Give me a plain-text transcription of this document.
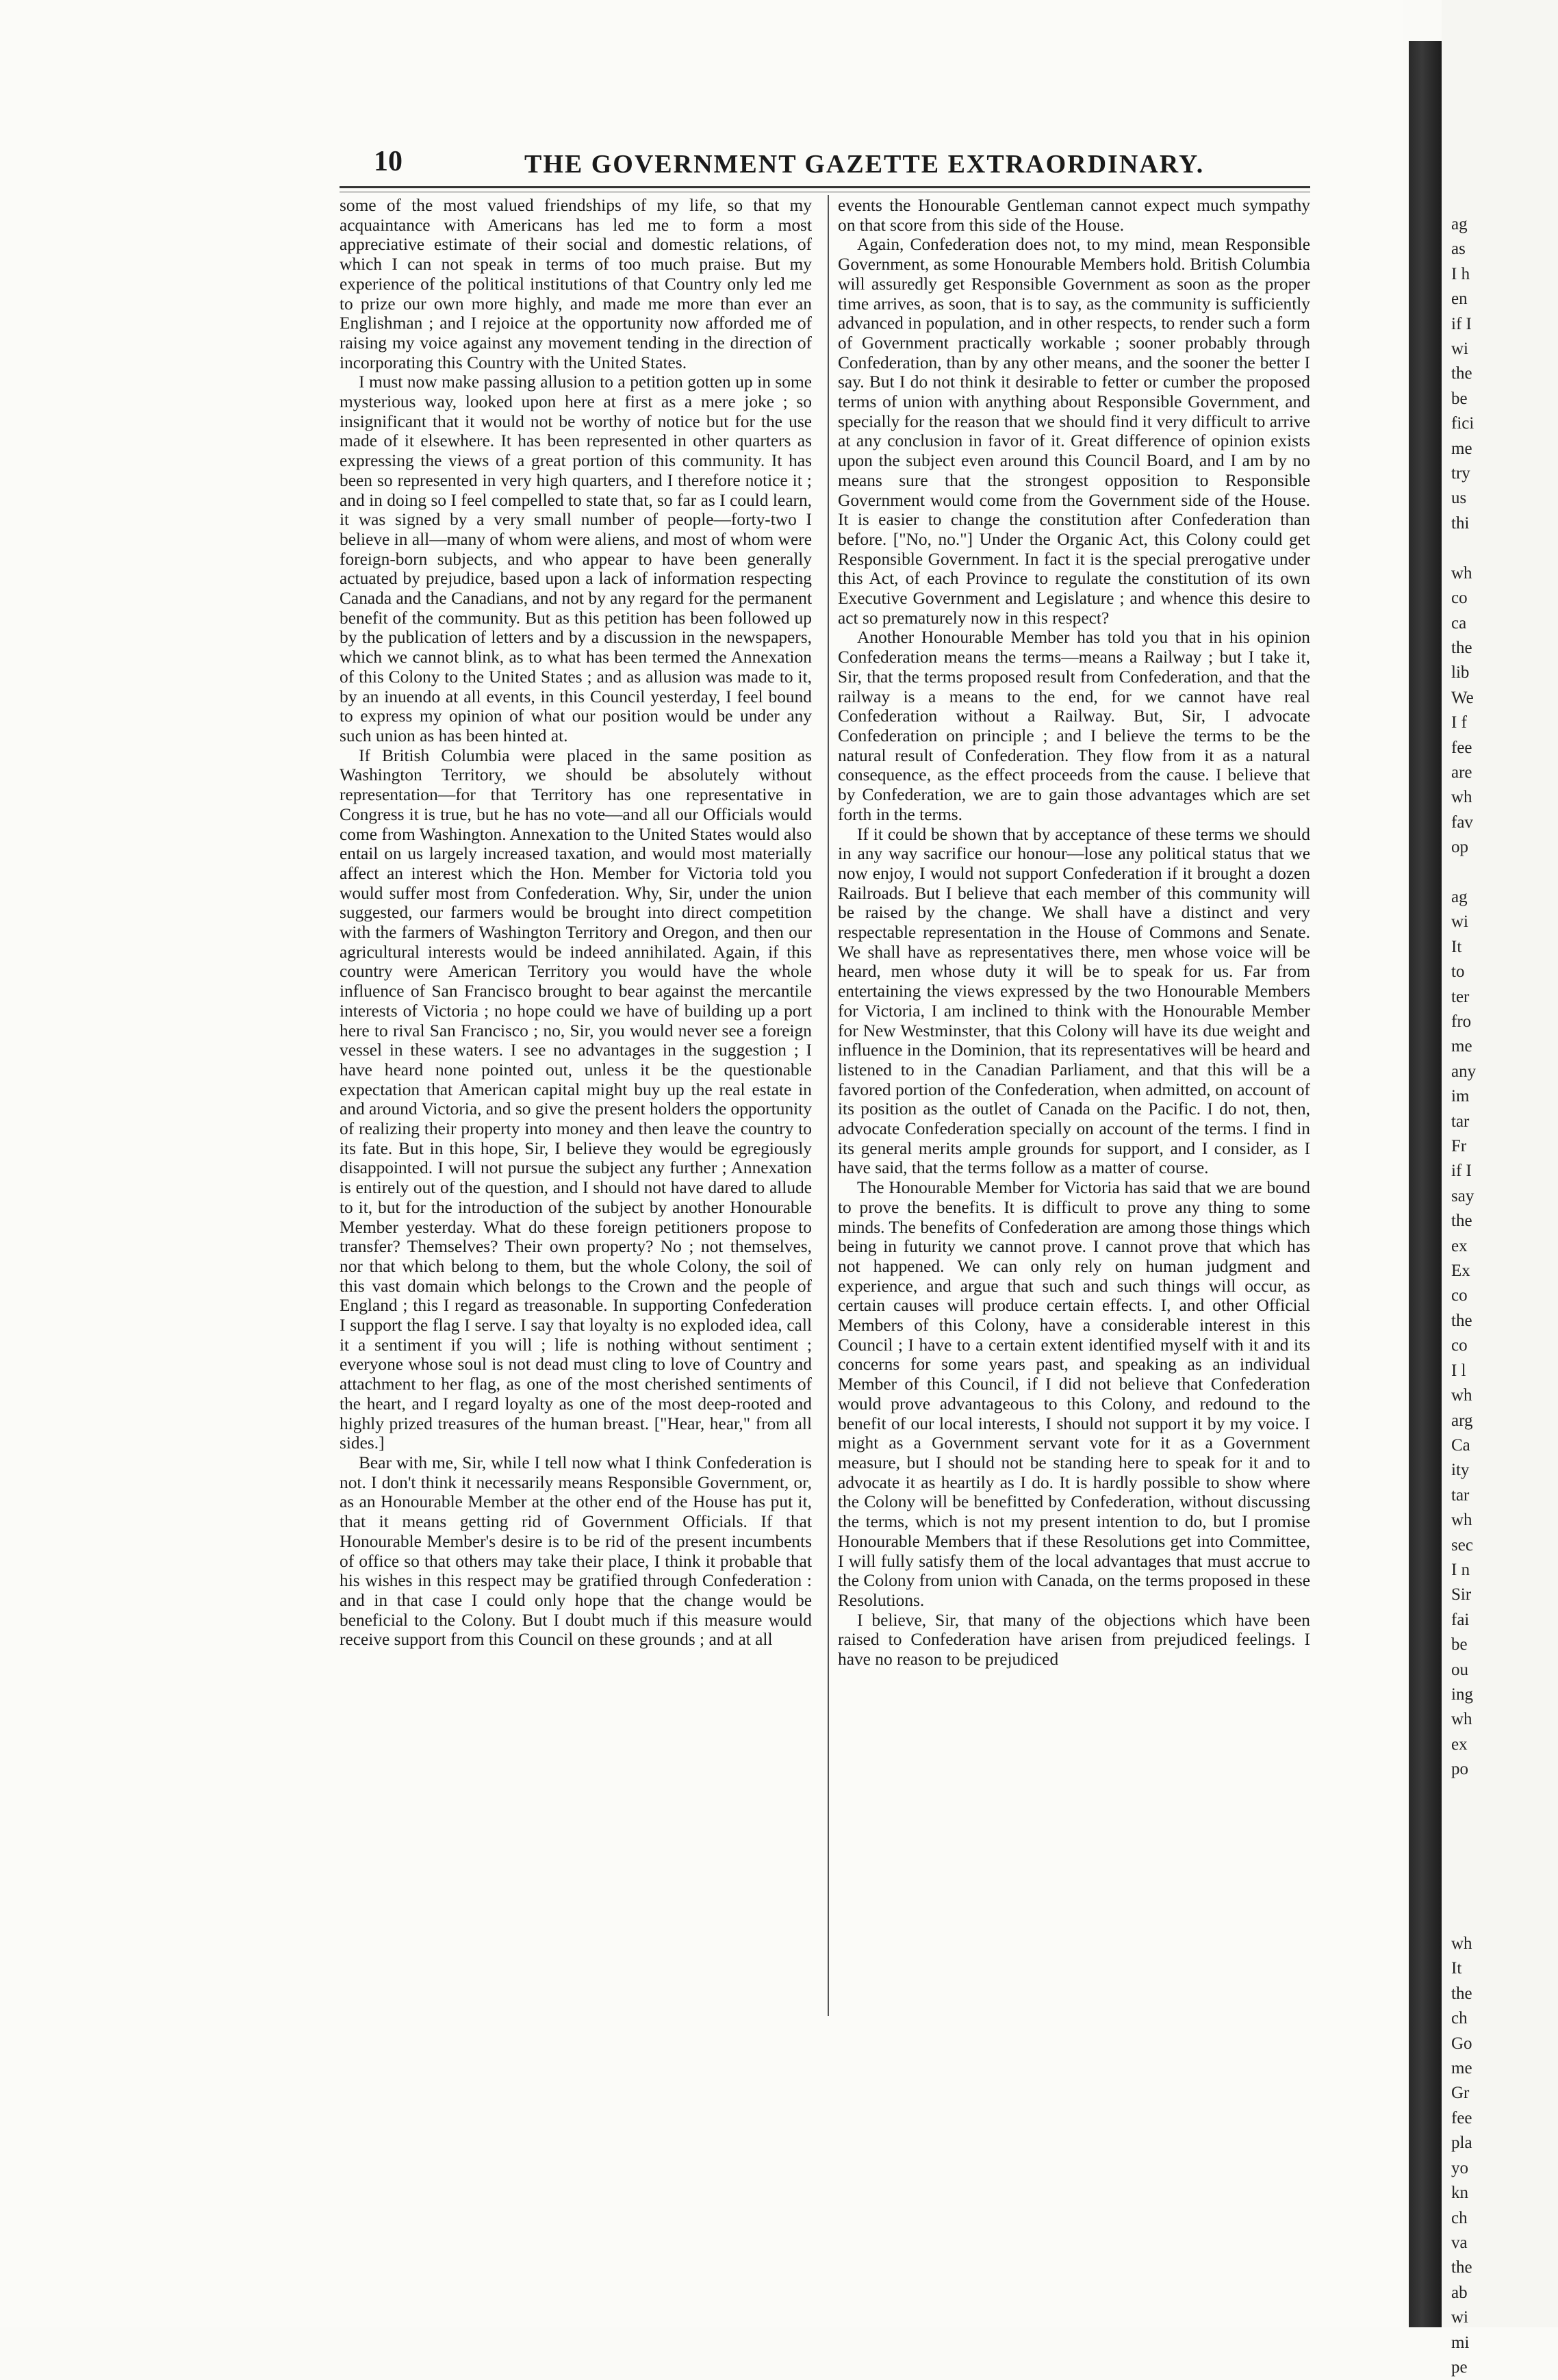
10	THE GOVERNMENT GAZETTE EXTRAORDINARY.

some of the most valued friendships of my life, so that my acquaintance with Americans has led me to form a most appreciative estimate of their social and domestic relations, of which I can not speak in terms of too much praise. But my experience of the political institutions of that Country only led me to prize our own more highly, and made me more than ever an Englishman ; and I rejoice at the opportunity now afforded me of raising my voice against any movement tending in the direction of incorporating this Country with the United States.

I must now make passing allusion to a petition gotten up in some mysterious way, looked upon here at first as a mere joke ; so insignificant that it would not be worthy of notice but for the use made of it elsewhere. It has been represented in other quarters as expressing the views of a great portion of this community. It has been so represented in very high quarters, and I therefore notice it ; and in doing so I feel compelled to state that, so far as I could learn, it was signed by a very small number of people—forty-two I believe in all—many of whom were aliens, and most of whom were foreign-born subjects, and who appear to have been generally actuated by prejudice, based upon a lack of information respecting Canada and the Canadians, and not by any regard for the permanent benefit of the community. But as this petition has been followed up by the publication of letters and by a discussion in the newspapers, which we cannot blink, as to what has been termed the Annexation of this Colony to the United States ; and as allusion was made to it, by an inuendo at all events, in this Council yesterday, I feel bound to express my opinion of what our position would be under any such union as has been hinted at.

If British Columbia were placed in the same position as Washington Territory, we should be absolutely without representation—for that Territory has one representative in Congress it is true, but he has no vote—and all our Officials would come from Washington. Annexation to the United States would also entail on us largely increased taxation, and would most materially affect an interest which the Hon. Member for Victoria told you would suffer most from Confederation. Why, Sir, under the union suggested, our farmers would be brought into direct competition with the farmers of Washington Territory and Oregon, and then our agricultural interests would be indeed annihilated. Again, if this country were American Territory you would have the whole influence of San Francisco brought to bear against the mercantile interests of Victoria ; no hope could we have of building up a port here to rival San Francisco ; no, Sir, you would never see a foreign vessel in these waters. I see no advantages in the suggestion ; I have heard none pointed out, unless it be the questionable expectation that American capital might buy up the real estate in and around Victoria, and so give the present holders the opportunity of realizing their property into money and then leave the country to its fate. But in this hope, Sir, I believe they would be egregiously disappointed. I will not pursue the subject any further ; Annexation is entirely out of the question, and I should not have dared to allude to it, but for the introduction of the subject by another Honourable Member yesterday. What do these foreign petitioners propose to transfer? Themselves? Their own property? No ; not themselves, nor that which belong to them, but the whole Colony, the soil of this vast domain which belongs to the Crown and the people of England ; this I regard as treasonable. In supporting Confederation I support the flag I serve. I say that loyalty is no exploded idea, call it a sentiment if you will ; life is nothing without sentiment ; everyone whose soul is not dead must cling to love of Country and attachment to her flag, as one of the most cherished sentiments of the heart, and I regard loyalty as one of the most deep-rooted and highly prized treasures of the human breast. ["Hear, hear," from all sides.]

Bear with me, Sir, while I tell now what I think Confederation is not. I don't think it necessarily means Responsible Government, or, as an Honourable Member at the other end of the House has put it, that it means getting rid of Government Officials. If that Honourable Member's desire is to be rid of the present incumbents of office so that others may take their place, I think it probable that his wishes in this respect may be gratified through Confederation : and in that case I could only hope that the change would be beneficial to the Colony. But I doubt much if this measure would receive support from this Council on these grounds ; and at all

events the Honourable Gentleman cannot expect much sympathy on that score from this side of the House.

Again, Confederation does not, to my mind, mean Responsible Government, as some Honourable Members hold. British Columbia will assuredly get Responsible Government as soon as the proper time arrives, as soon, that is to say, as the community is sufficiently advanced in population, and in other respects, to render such a form of Government practically workable ; sooner probably through Confederation, than by any other means, and the sooner the better I say. But I do not think it desirable to fetter or cumber the proposed terms of union with anything about Responsible Government, and specially for the reason that we should find it very difficult to arrive at any conclusion in favor of it. Great difference of opinion exists upon the subject even around this Council Board, and I am by no means sure that the strongest opposition to Responsible Government would come from the Government side of the House. It is easier to change the constitution after Confederation than before. ["No, no."] Under the Organic Act, this Colony could get Responsible Government. In fact it is the special prerogative under this Act, of each Province to regulate the constitution of its own Executive Government and Legislature ; and whence this desire to act so prematurely now in this respect?

Another Honourable Member has told you that in his opinion Confederation means the terms—means a Railway ; but I take it, Sir, that the terms proposed result from Confederation, and that the railway is a means to the end, for we cannot have real Confederation without a Railway. But, Sir, I advocate Confederation on principle ; and I believe the terms to be the natural result of Confederation. They flow from it as a natural consequence, as the effect proceeds from the cause. I believe that by Confederation, we are to gain those advantages which are set forth in the terms.

If it could be shown that by acceptance of these terms we should in any way sacrifice our honour—lose any political status that we now enjoy, I would not support Confederation if it brought a dozen Railroads. But I believe that each member of this community will be raised by the change. We shall have a distinct and very respectable representation in the House of Commons and Senate. We shall have as representatives there, men whose voice will be heard, men whose duty it will be to speak for us. Far from entertaining the views expressed by the two Honourable Members for Victoria, I am inclined to think with the Honourable Member for New Westminster, that this Colony will have its due weight and influence in the Dominion, that its representatives will be heard and listened to in the Canadian Parliament, and that this will be a favored portion of the Confederation, when admitted, on account of its position as the outlet of Canada on the Pacific. I do not, then, advocate Confederation specially on account of the terms. I find in its general merits ample grounds for support, and I consider, as I have said, that the terms follow as a matter of course.

The Honourable Member for Victoria has said that we are bound to prove the benefits. It is difficult to prove any thing to some minds. The benefits of Confederation are among those things which being in futurity we cannot prove. I cannot prove that which has not happened. We can only rely on human judgment and experience, and argue that such and such things will occur, as certain causes will produce certain effects. I, and other Official Members of this Colony, have a considerable interest in this Council ; I have to a certain extent identified myself with it and its concerns for some years past, and speaking as an individual Member of this Council, if I did not believe that Confederation would prove advantageous to this Colony, and redound to the benefit of our local interests, I should not support it by my voice. I might as a Government servant vote for it as a Government measure, but I should not be standing here to speak for it and to advocate it as heartily as I do. It is hardly possible to show where the Colony will be benefitted by Confederation, without discussing the terms, which is not my present intention to do, but I promise Honourable Members that if these Resolutions get into Committee, I will fully satisfy them of the local advantages that must accrue to the Colony from union with Canada, on the terms proposed in these Resolutions.

I believe, Sir, that many of the objections which have been raised to Confederation have arisen from prejudiced feelings. I have no reason to be prejudiced

ag
as
I h
en
if I
wi
the
be
fici
me
try
us
thi

wh
co
ca
the
lib
We
I f
fee
are
wh
fav
op

ag
wi
It
to
ter
fro
me
any
im
tar
Fr
if I
say
the
ex
Ex
co
the
co
I l
wh
arg
Ca
ity
tar
wh
sec
I n
Sir
fai
be
ou
ing
wh
ex
po

wh
It
the
ch
Go
me
Gr
fee
pla
yo
kn
ch
va
the
ab
wi
mi
pe
